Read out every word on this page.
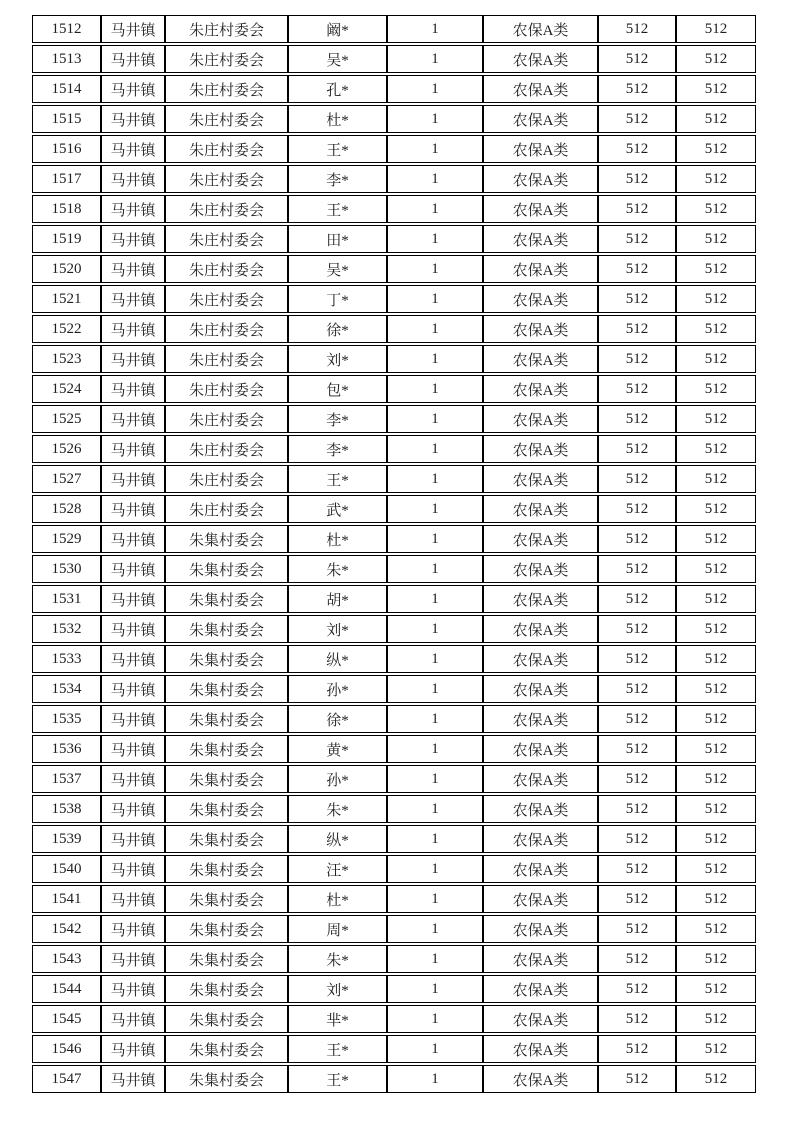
1512	马井镇	朱庄村委会	阚*	1	农保A类	512	512
1513	马井镇	朱庄村委会	吴*	1	农保A类	512	512
1514	马井镇	朱庄村委会	孔*	1	农保A类	512	512
1515	马井镇	朱庄村委会	杜*	1	农保A类	512	512
1516	马井镇	朱庄村委会	王*	1	农保A类	512	512
1517	马井镇	朱庄村委会	李*	1	农保A类	512	512
1518	马井镇	朱庄村委会	王*	1	农保A类	512	512
1519	马井镇	朱庄村委会	田*	1	农保A类	512	512
1520	马井镇	朱庄村委会	吴*	1	农保A类	512	512
1521	马井镇	朱庄村委会	丁*	1	农保A类	512	512
1522	马井镇	朱庄村委会	徐*	1	农保A类	512	512
1523	马井镇	朱庄村委会	刘*	1	农保A类	512	512
1524	马井镇	朱庄村委会	包*	1	农保A类	512	512
1525	马井镇	朱庄村委会	李*	1	农保A类	512	512
1526	马井镇	朱庄村委会	李*	1	农保A类	512	512
1527	马井镇	朱庄村委会	王*	1	农保A类	512	512
1528	马井镇	朱庄村委会	武*	1	农保A类	512	512
1529	马井镇	朱集村委会	杜*	1	农保A类	512	512
1530	马井镇	朱集村委会	朱*	1	农保A类	512	512
1531	马井镇	朱集村委会	胡*	1	农保A类	512	512
1532	马井镇	朱集村委会	刘*	1	农保A类	512	512
1533	马井镇	朱集村委会	纵*	1	农保A类	512	512
1534	马井镇	朱集村委会	孙*	1	农保A类	512	512
1535	马井镇	朱集村委会	徐*	1	农保A类	512	512
1536	马井镇	朱集村委会	黄*	1	农保A类	512	512
1537	马井镇	朱集村委会	孙*	1	农保A类	512	512
1538	马井镇	朱集村委会	朱*	1	农保A类	512	512
1539	马井镇	朱集村委会	纵*	1	农保A类	512	512
1540	马井镇	朱集村委会	汪*	1	农保A类	512	512
1541	马井镇	朱集村委会	杜*	1	农保A类	512	512
1542	马井镇	朱集村委会	周*	1	农保A类	512	512
1543	马井镇	朱集村委会	朱*	1	农保A类	512	512
1544	马井镇	朱集村委会	刘*	1	农保A类	512	512
1545	马井镇	朱集村委会	芈*	1	农保A类	512	512
1546	马井镇	朱集村委会	王*	1	农保A类	512	512
1547	马井镇	朱集村委会	王*	1	农保A类	512	512
